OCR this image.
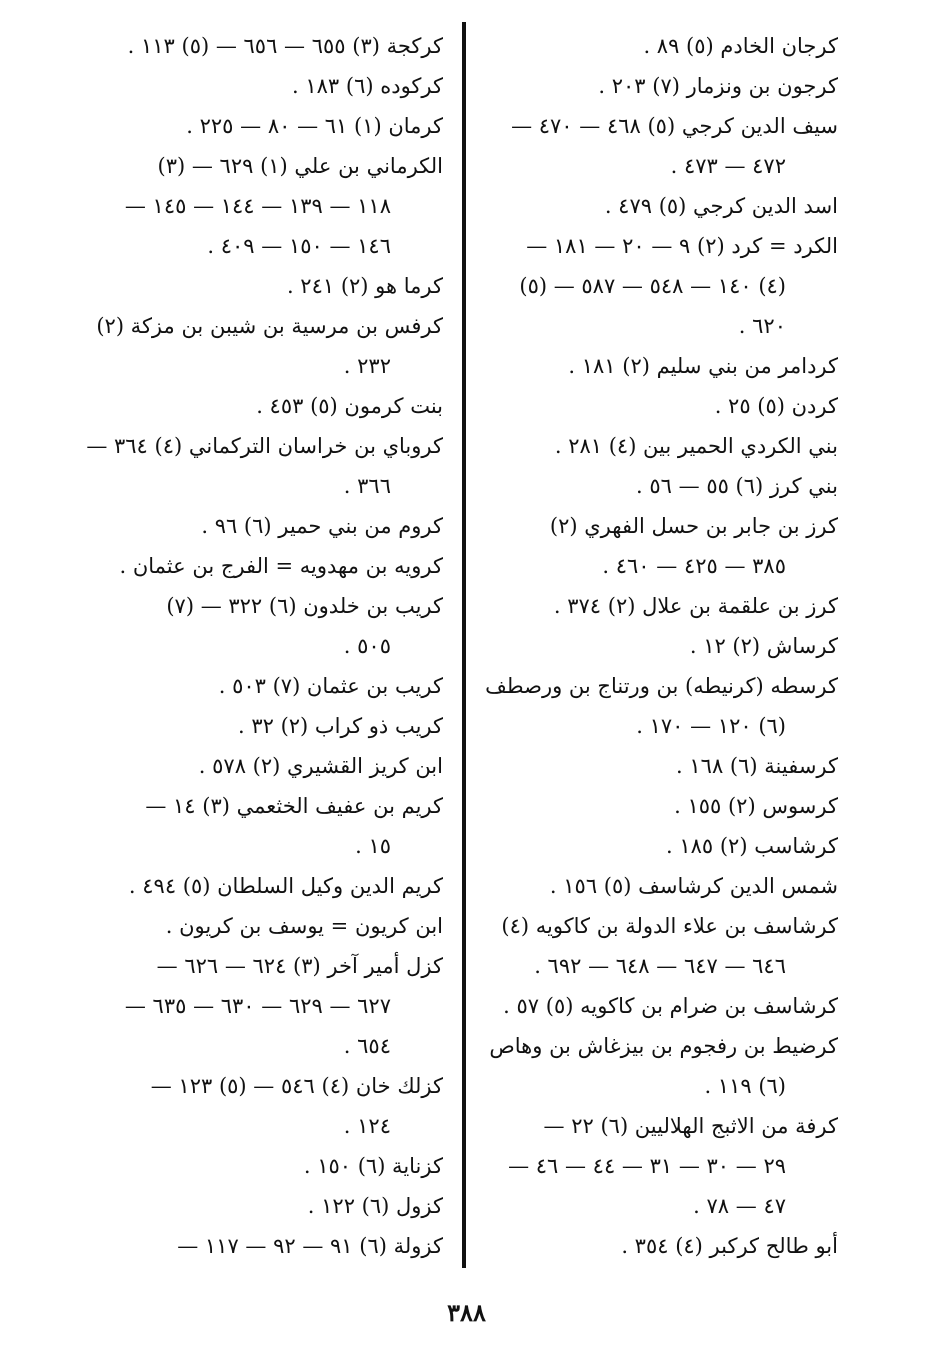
كرجان الخادم (٥) ٨٩ .
كرجون بن ونزمار (٧) ٢٠٣ .
سيف الدين كرجي (٥) ٤٦٨ — ٤٧٠ —
٤٧٢ — ٤٧٣ .
اسد الدين كرجي (٥) ٤٧٩ .
الكرد = كرد (٢) ٩ — ٢٠ — ١٨١ —
(٤) ١٤٠ — ٥٤٨ — ٥٨٧ — (٥)
٦٢٠ .
كردامر من بني سليم (٢) ١٨١ .
كردن (٥) ٢٥ .
بني الكردي الحمير بين (٤) ٢٨١ .
بني كرز (٦) ٥٥ — ٥٦ .
كرز بن جابر بن حسل الفهري (٢)
٣٨٥ — ٤٢٥ — ٤٦٠ .
كرز بن علقمة بن علال (٢) ٣٧٤ .
كرساش (٢) ١٢ .
كرسطه (كرنيطه) بن ورتناج بن ورصطف
(٦) ١٢٠ — ١٧٠ .
كرسفينة (٦) ١٦٨ .
كرسوس (٢) ١٥٥ .
كرشاسب (٢) ١٨٥ .
شمس الدين كرشاسف (٥) ١٥٦ .
كرشاسف بن علاء الدولة بن كاكويه (٤)
٦٤٦ — ٦٤٧ — ٦٤٨ — ٦٩٢ .
كرشاسف بن ضرام بن كاكويه (٥) ٥٧ .
كرضيط بن رفجوم بن بيزغاش بن وهاص
(٦) ١١٩ .
كرفة من الاثبج الهلاليين (٦) ٢٢ —
٢٩ — ٣٠ — ٣١ — ٤٤ — ٤٦ —
٤٧ — ٧٨ .
أبو طالح كركبر (٤) ٣٥٤ .
كركجة (٣) ٦٥٥ — ٦٥٦ — (٥) ١١٣ .
كركوده (٦) ١٨٣ .
كرمان (١) ٦١ — ٨٠ — ٢٢٥ .
الكرماني بن علي (١) ٦٢٩ — (٣)
١١٨ — ١٣٩ — ١٤٤ — ١٤٥ —
١٤٦ — ١٥٠ — ٤٠٩ .
كرما هو (٢) ٢٤١ .
كرفس بن مرسية بن شيبن بن مزكة (٢)
٢٣٢ .
بنت كرمون (٥) ٤٥٣ .
كروباي بن خراسان التركماني (٤) ٣٦٤ —
٣٦٦ .
كروم من بني حمير (٦) ٩٦ .
كرويه بن مهدويه = الفرج بن عثمان .
كريب بن خلدون (٦) ٣٢٢ — (٧)
٥٠٥ .
كريب بن عثمان (٧) ٥٠٣ .
كريب ذو كراب (٢) ٣٢ .
ابن كريز القشيري (٢) ٥٧٨ .
كريم بن عفيف الخثعمي (٣) ١٤ —
١٥ .
كريم الدين وكيل السلطان (٥) ٤٩٤ .
ابن كريون = يوسف بن كريون .
كزل أمير آخر (٣) ٦٢٤ — ٦٢٦ —
٦٢٧ — ٦٢٩ — ٦٣٠ — ٦٣٥ —
٦٥٤ .
كزلك خان (٤) ٥٤٦ — (٥) ١٢٣ —
١٢٤ .
كزناية (٦) ١٥٠ .
كزول (٦) ١٢٢ .
كزولة (٦) ٩١ — ٩٢ — ١١٧ —
٣٨٨
